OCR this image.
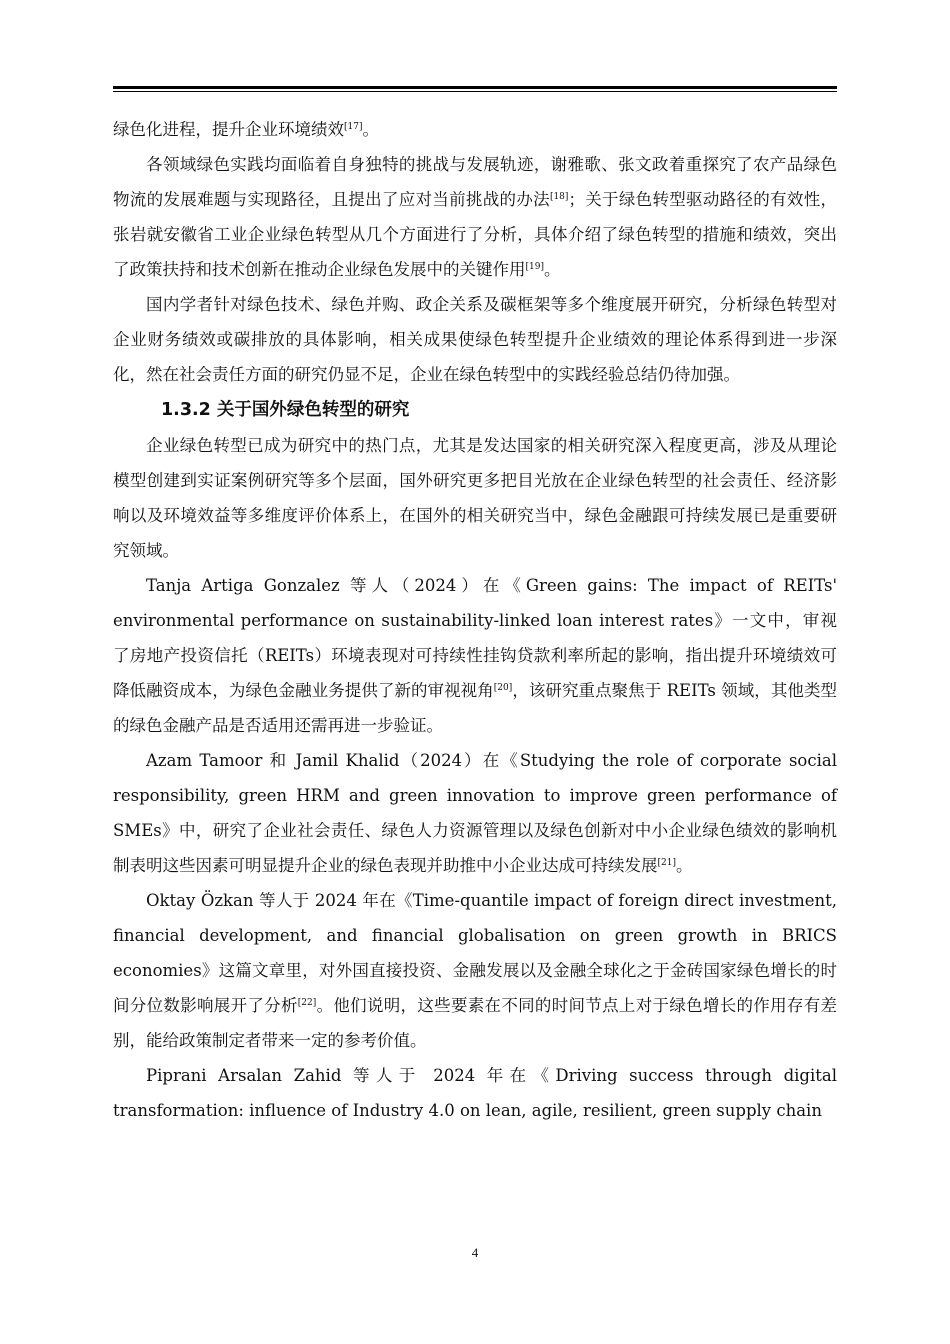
绿色化进程，提升企业环境绩效[17]。

各领域绿色实践均面临着自身独特的挑战与发展轨迹，谢雅歌、张文政着重探究了农产品绿色物流的发展难题与实现路径，且提出了应对当前挑战的办法[18]；关于绿色转型驱动路径的有效性，张岩就安徽省工业企业绿色转型从几个方面进行了分析，具体介绍了绿色转型的措施和绩效，突出了政策扶持和技术创新在推动企业绿色发展中的关键作用[19]。

国内学者针对绿色技术、绿色并购、政企关系及碳框架等多个维度展开研究，分析绿色转型对企业财务绩效或碳排放的具体影响，相关成果使绿色转型提升企业绩效的理论体系得到进一步深化，然在社会责任方面的研究仍显不足，企业在绿色转型中的实践经验总结仍待加强。

1.3.2 关于国外绿色转型的研究

企业绿色转型已成为研究中的热门点，尤其是发达国家的相关研究深入程度更高，涉及从理论模型创建到实证案例研究等多个层面，国外研究更多把目光放在企业绿色转型的社会责任、经济影响以及环境效益等多维度评价体系上，在国外的相关研究当中，绿色金融跟可持续发展已是重要研究领域。

Tanja Artiga Gonzalez 等人（2024）在《Green gains: The impact of REITs' environmental performance on sustainability-linked loan interest rates》一文中，审视了房地产投资信托（REITs）环境表现对可持续性挂钩贷款利率所起的影响，指出提升环境绩效可降低融资成本，为绿色金融业务提供了新的审视视角[20]，该研究重点聚焦于 REITs 领域，其他类型的绿色金融产品是否适用还需再进一步验证。

Azam Tamoor 和 Jamil Khalid（2024）在《Studying the role of corporate social responsibility, green HRM and green innovation to improve green performance of SMEs》中，研究了企业社会责任、绿色人力资源管理以及绿色创新对中小企业绿色绩效的影响机制表明这些因素可明显提升企业的绿色表现并助推中小企业达成可持续发展[21]。

Oktay Özkan 等人于 2024 年在《Time-quantile impact of foreign direct investment, financial development, and financial globalisation on green growth in BRICS economies》这篇文章里，对外国直接投资、金融发展以及金融全球化之于金砖国家绿色增长的时间分位数影响展开了分析[22]。他们说明，这些要素在不同的时间节点上对于绿色增长的作用存有差别，能给政策制定者带来一定的参考价值。

Piprani Arsalan Zahid 等人于 2024 年在《Driving success through digital transformation: influence of Industry 4.0 on lean, agile, resilient, green supply chain

4
